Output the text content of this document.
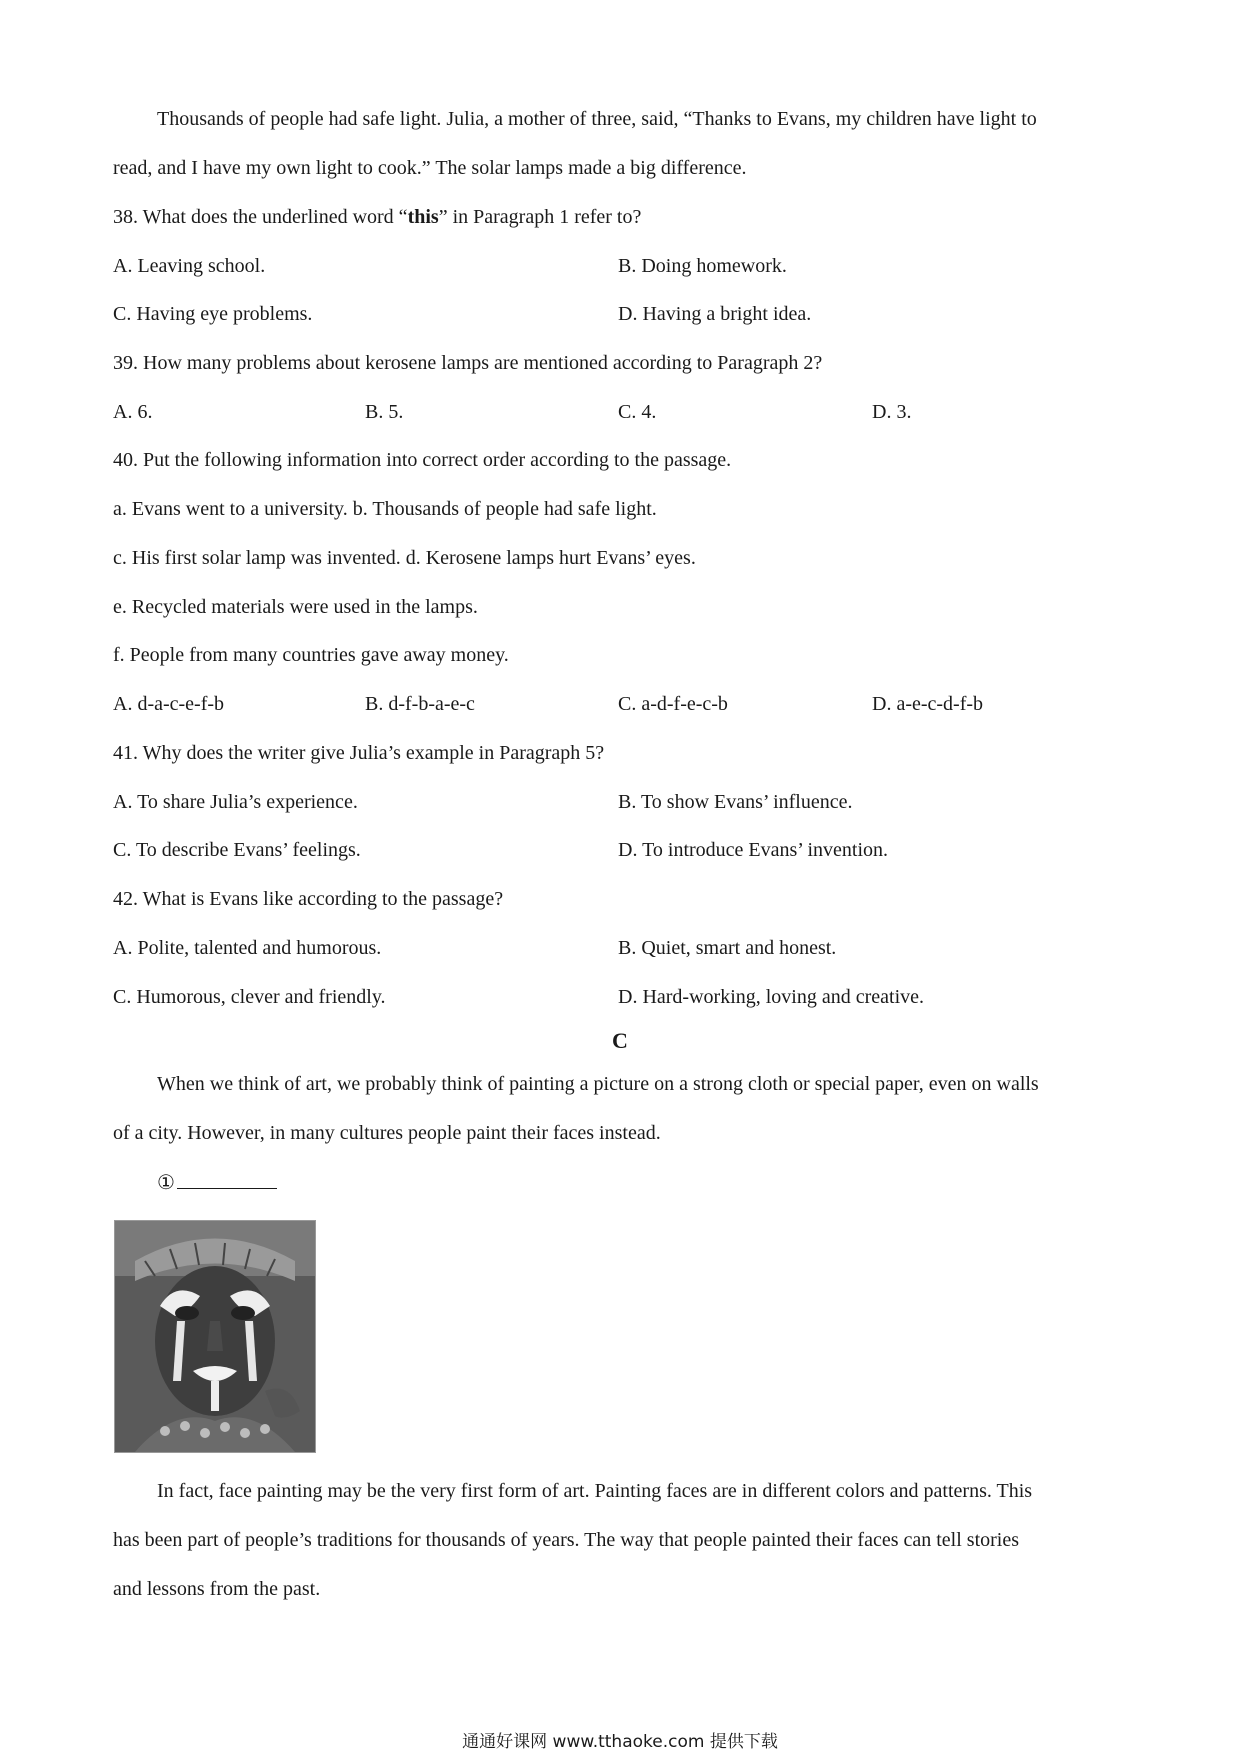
Thousands of people had safe light. Julia, a mother of three, said, “Thanks to Evans, my children have light to
read, and I have my own light to cook.” The solar lamps made a big difference.
38. What does the underlined word “this” in Paragraph 1 refer to?
A. Leaving school.	B. Doing homework.
C. Having eye problems.	D. Having a bright idea.
39. How many problems about kerosene lamps are mentioned according to Paragraph 2?
A. 6.	B. 5.	C. 4.	D. 3.
40. Put the following information into correct order according to the passage.
a. Evans went to a university. b. Thousands of people had safe light.
c. His first solar lamp was invented. d. Kerosene lamps hurt Evans’ eyes.
e. Recycled materials were used in the lamps.
f. People from many countries gave away money.
A. d-a-c-e-f-b	B. d-f-b-a-e-c	C. a-d-f-e-c-b	D. a-e-c-d-f-b
41. Why does the writer give Julia’s example in Paragraph 5?
A. To share Julia’s experience.	B. To show Evans’ influence.
C. To describe Evans’ feelings.	D. To introduce Evans’ invention.
42. What is Evans like according to the passage?
A. Polite, talented and humorous.	B. Quiet, smart and honest.
C. Humorous, clever and friendly.	D. Hard-working, loving and creative.
C
When we think of art, we probably think of painting a picture on a strong cloth or special paper, even on walls
of a city. However, in many cultures people paint their faces instead.
①
In fact, face painting may be the very first form of art. Painting faces are in different colors and patterns. This
has been part of people’s traditions for thousands of years. The way that people painted their faces can tell stories
and lessons from the past.
通通好课网 www.tthaoke.com 提供下载
